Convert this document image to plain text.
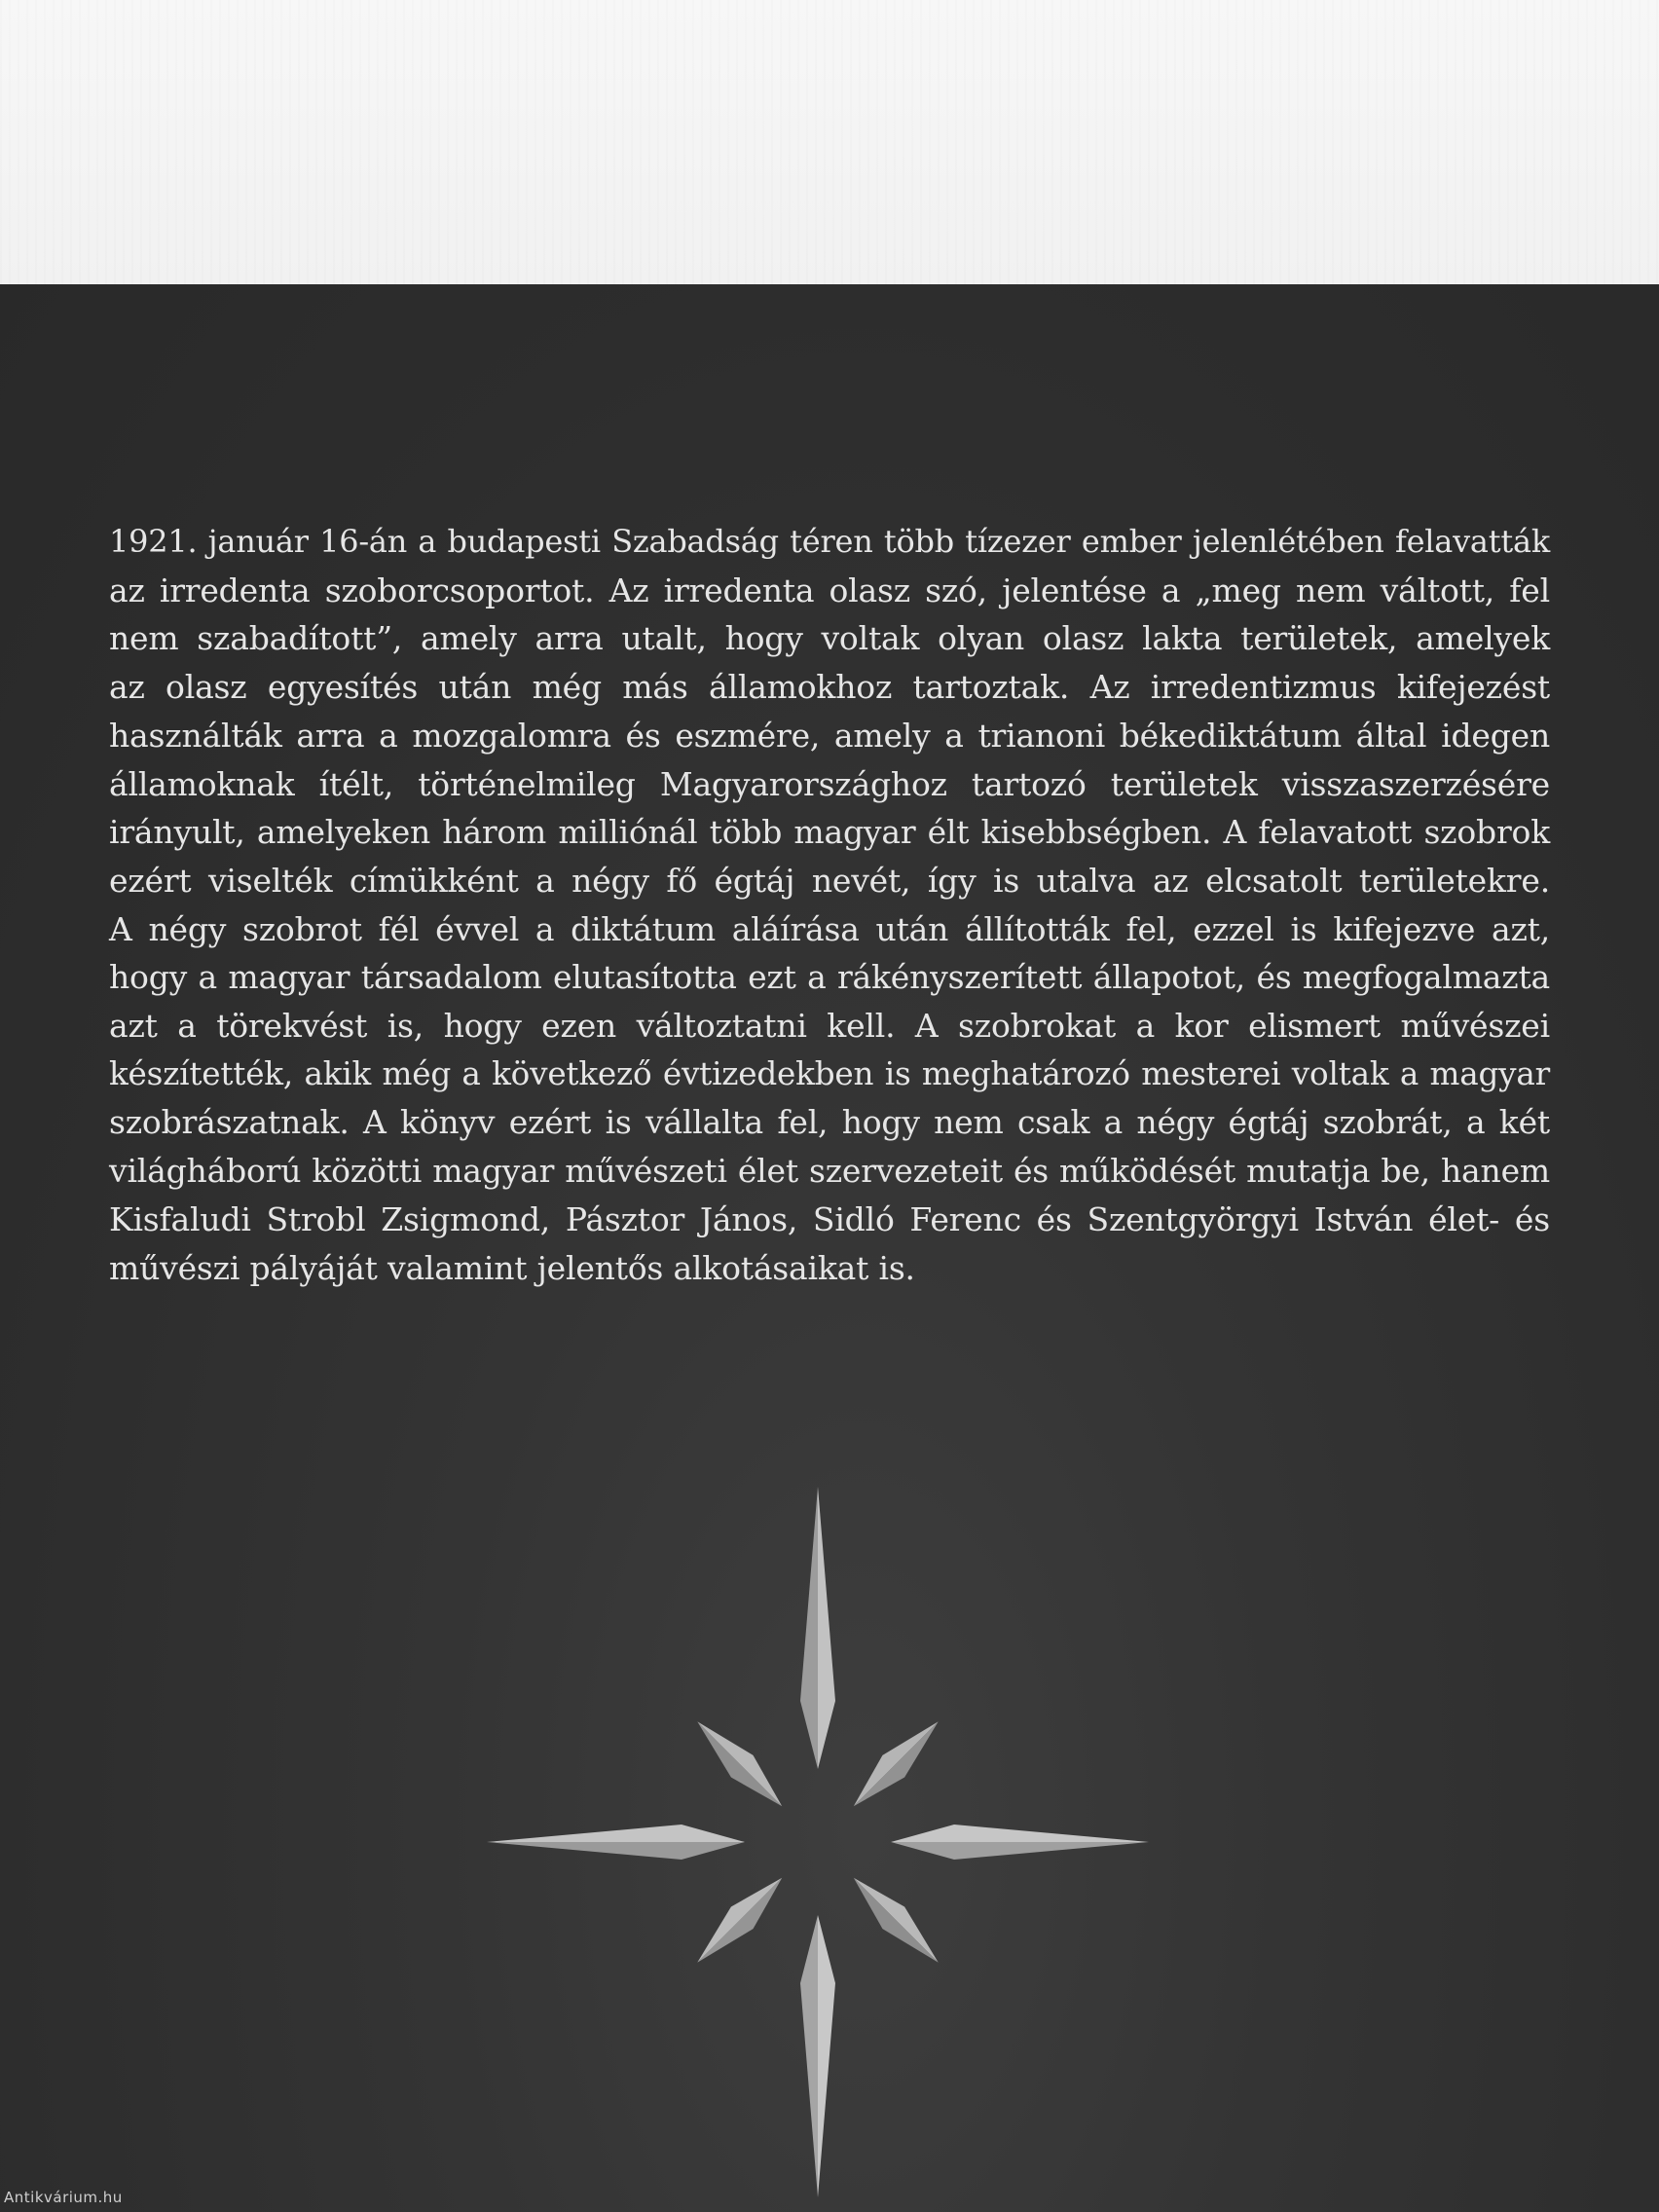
1921. január 16-án a budapesti Szabadság téren több tízezer ember jelenlétében felavatták
az irredenta szoborcsoportot. Az irredenta olasz szó, jelentése a „meg nem váltott, fel
nem szabadított”, amely arra utalt, hogy voltak olyan olasz lakta területek, amelyek
az olasz egyesítés után még más államokhoz tartoztak. Az irredentizmus kifejezést
használták arra a mozgalomra és eszmére, amely a trianoni békediktátum által idegen
államoknak ítélt, történelmileg Magyarországhoz tartozó területek visszaszerzésére
irányult, amelyeken három milliónál több magyar élt kisebbségben. A felavatott szobrok
ezért viselték címükként a négy fő égtáj nevét, így is utalva az elcsatolt területekre.
A négy szobrot fél évvel a diktátum aláírása után állították fel, ezzel is kifejezve azt,
hogy a magyar társadalom elutasította ezt a rákényszerített állapotot, és megfogalmazta
azt a törekvést is, hogy ezen változtatni kell. A szobrokat a kor elismert művészei
készítették, akik még a következő évtizedekben is meghatározó mesterei voltak a magyar
szobrászatnak. A könyv ezért is vállalta fel, hogy nem csak a négy égtáj szobrát, a két
világháború közötti magyar művészeti élet szervezeteit és működését mutatja be, hanem
Kisfaludi Strobl Zsigmond, Pásztor János, Sidló Ferenc és Szentgyörgyi István élet- és
művészi pályáját valamint jelentős alkotásaikat is.

Antikvárium.hu
